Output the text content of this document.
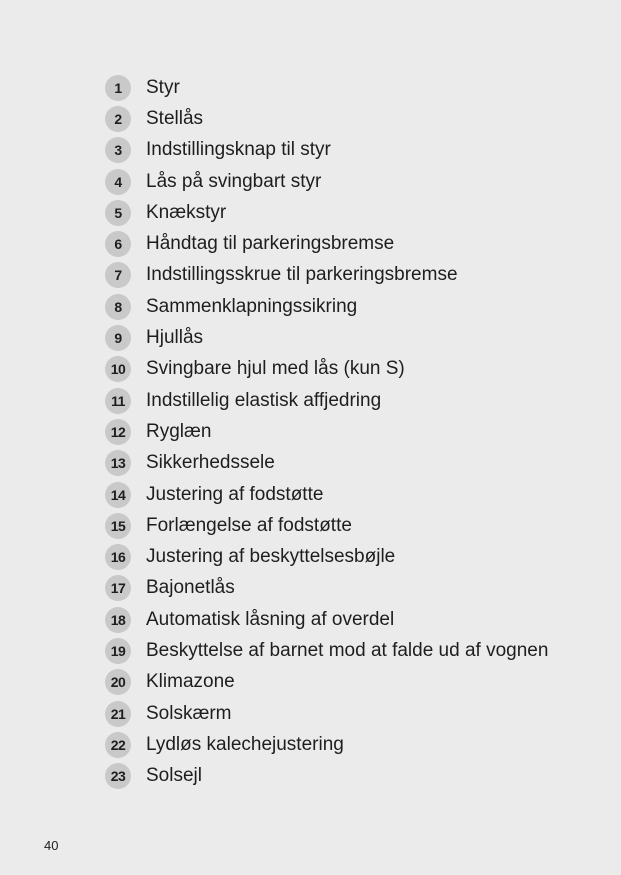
1	Styr
2	Stellås
3	Indstillingsknap til styr
4	Lås på svingbart styr
5	Knækstyr
6	Håndtag til parkeringsbremse
7	Indstillingsskrue til parkeringsbremse
8	Sammenklapningssikring
9	Hjullås
10	Svingbare hjul med lås (kun S)
11	Indstillelig elastisk affjedring
12	Ryglæn
13	Sikkerhedssele
14	Justering af fodstøtte
15	Forlængelse af fodstøtte
16	Justering af beskyttelsesbøjle
17	Bajonetlås
18	Automatisk låsning af overdel
19	Beskyttelse af barnet mod at falde ud af vognen
20	Klimazone
21	Solskærm
22	Lydløs kalechejustering
23	Solsejl
40
